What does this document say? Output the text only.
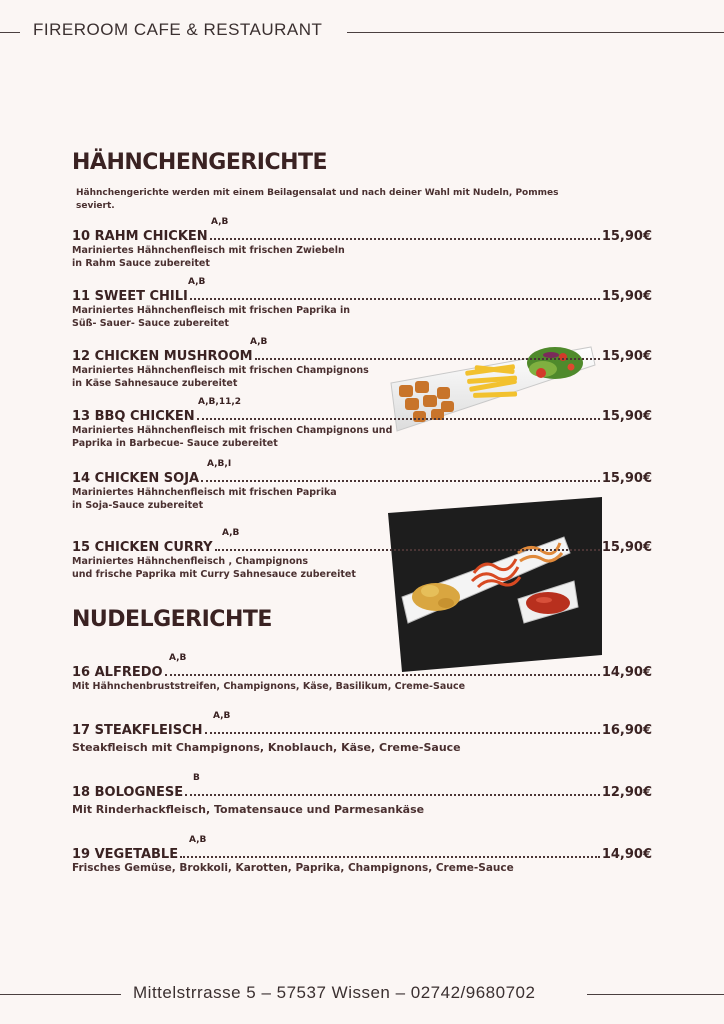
FIREROOM CAFE & RESTAURANT
HÄHNCHENGERICHTE
Hähnchengerichte werden mit einem Beilagensalat und nach deiner Wahl mit Nudeln, Pommes seviert.
10 RAHM CHICKEN
A,B
15,90€
Mariniertes Hähnchenfleisch mit frischen Zwiebeln
in Rahm Sauce zubereitet
11 SWEET CHILI
A,B
15,90€
Mariniertes Hähnchenfleisch mit frischen Paprika in
Süß- Sauer- Sauce zubereitet
12 CHICKEN MUSHROOM
A,B
15,90€
Mariniertes Hähnchenfleisch mit frischen Champignons
in Käse Sahnesauce zubereitet
13 BBQ CHICKEN
A,B,11,2
15,90€
Mariniertes Hähnchenfleisch mit frischen Champignons und
Paprika in Barbecue- Sauce zubereitet
14 CHICKEN SOJA
A,B,I
15,90€
Mariniertes Hähnchenfleisch mit frischen Paprika
in Soja-Sauce zubereitet
15 CHICKEN CURRY
A,B
15,90€
Mariniertes Hähnchenfleisch , Champignons
und frische Paprika mit Curry Sahnesauce zubereitet
NUDELGERICHTE
16 ALFREDO
A,B
14,90€
Mit Hähnchenbruststreifen, Champignons, Käse, Basilikum, Creme-Sauce
17 STEAKFLEISCH
A,B
16,90€
Steakfleisch mit Champignons, Knoblauch, Käse, Creme-Sauce
18 BOLOGNESE
B
12,90€
Mit Rinderhackfleisch, Tomatensauce und Parmesankäse
19 VEGETABLE
A,B
14,90€
Frisches Gemüse, Brokkoli, Karotten, Paprika, Champignons, Creme-Sauce
Mittelstrrasse 5 – 57537 Wissen – 02742/9680702
